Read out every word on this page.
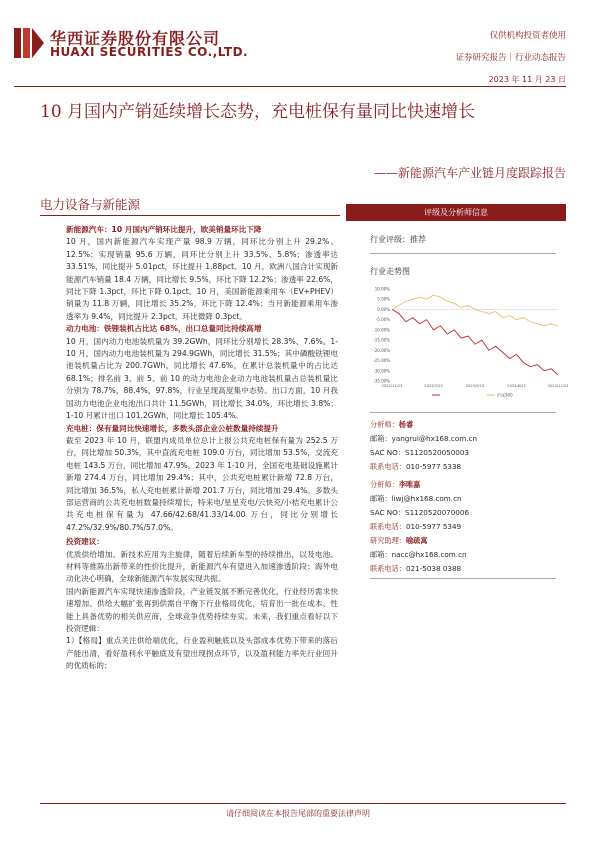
华西证券股份有限公司
HUAXI SECURITIES CO.,LTD.
仅供机构投资者使用
证券研究报告｜行业动态报告
2023 年 11 月 23 日
10 月国内产销延续增长态势，充电桩保有量同比快速增长
——新能源汽车产业链月度跟踪报告
电力设备与新能源

新能源汽车：10 月国内产销环比提升，欧美销量环比下降

10 月，国内新能源汽车实现产量 98.9 万辆，同环比分别上升 29.2%、12.5%；实现销量 95.6 万辆，同环比分别上升 33.5%、5.8%；渗透率达 33.51%，同比提升 5.01pct，环比提升 1.88pct。10 月，欧洲八国合计实现新能源汽车销量 18.4 万辆，同比增长 9.5%，环比下降 12.2%；渗透率 22.6%，同比下降 1.3pct，环比下降 0.1pct。10 月，美国新能源乘用车（EV+PHEV）销量为 11.8 万辆，同比增长 35.2%，环比下降 12.4%；当月新能源乘用车渗透率为 9.4%，同比提升 2.3pct，环比微降 0.3pct。

动力电池：铁锂装机占比达 68%，出口总量同比持续高增

10 月，国内动力电池装机量为 39.2GWh，同环比分别增长 28.3%、7.6%。1-10 月，国内动力电池装机量为 294.9GWh，同比增长 31.5%；其中磷酸铁锂电池装机量占比为 200.7GWh，同比增长 47.6%，在累计总装机量中的占比达 68.1%；排名前 3、前 5、前 10 的动力电池企业动力电池装机量占总装机量比分别为 78.7%、88.4%、97.8%，行业呈现高度集中态势。出口方面，10 月我国动力电池企业电池出口共计 11.5GWh，同比增长 34.0%，环比增长 3.8%；1-10 月累计出口 101.2GWh，同比增长 105.4%。

充电桩：保有量同比快速增长，多数头部企业公桩数量持续提升

截至 2023 年 10 月，联盟内成员单位总计上报公共充电桩保有量为 252.5 万台，同比增加 50.3%，其中直流充电桩 109.0 万台，同比增加 53.5%，交流充电桩 143.5 万台，同比增加 47.9%。2023 年 1-10 月，全国充电基础设施累计新增 274.4 万台，同比增加 29.4%；其中，公共充电桩累计新增 72.8 万台，同比增加 36.5%，私人充电桩累计新增 201.7 万台，同比增加 29.4%。多数头部运营商的公共充电桩数量持续增长，特来电/星星充电/云快充/小桔充电累计公共充电桩保有量为 47.66/42.68/41.33/14.00 万台，同比分别增长 47.2%/32.9%/80.7%/57.0%。

投资建议：

优质供给增加、新技术应用为主旋律，随着后续新车型的持续推出，以及电池、材料等推陈出新带来的性价比提升，新能源汽车有望进入加速渗透阶段；海外电动化决心明确，全球新能源汽车发展实现共振。

国内新能源汽车实现快速渗透阶段，产业链发展不断完善优化，行业经历需求快速增加、供给大幅扩张再到供需自平衡下行业格局优化，培育出一批在成本、性能上具备优势的相关供应商，全球竞争优势持续夯实。未来，我们重点看好以下投资逻辑：

1）【格局】重点关注供给端优化，行业盈利触底以及头部成本优势下带来的落后产能出清，看好盈利水平触底及有望出现拐点环节，以及盈利能力率先行业回升的优质标的；

评级及分析师信息
行业评级：推荐
行业走势图
10.00%
5.00%
0.00%
-5.00%
-10.00%
-15.00%
-20.00%
-25.00%
-30.00%
-35.00%
2022/11/23	2023/2/23	2023/5/23	2023/8/23	2023/11/23
沪深300
分析师：杨睿
邮箱：yangrui@hx168.com.cn
SAC NO：S1120520050003
联系电话：010-5977 5338
分析师：李唯嘉
邮箱：liwj@hx168.com.cn
SAC NO：S1120520070006
联系电话：010-5977 5349
研究助理：喻疏寓
邮箱：nacc@hx168.com.cn
联系电话：021-5038 0388
请仔细阅读在本报告尾部的重要法律声明
